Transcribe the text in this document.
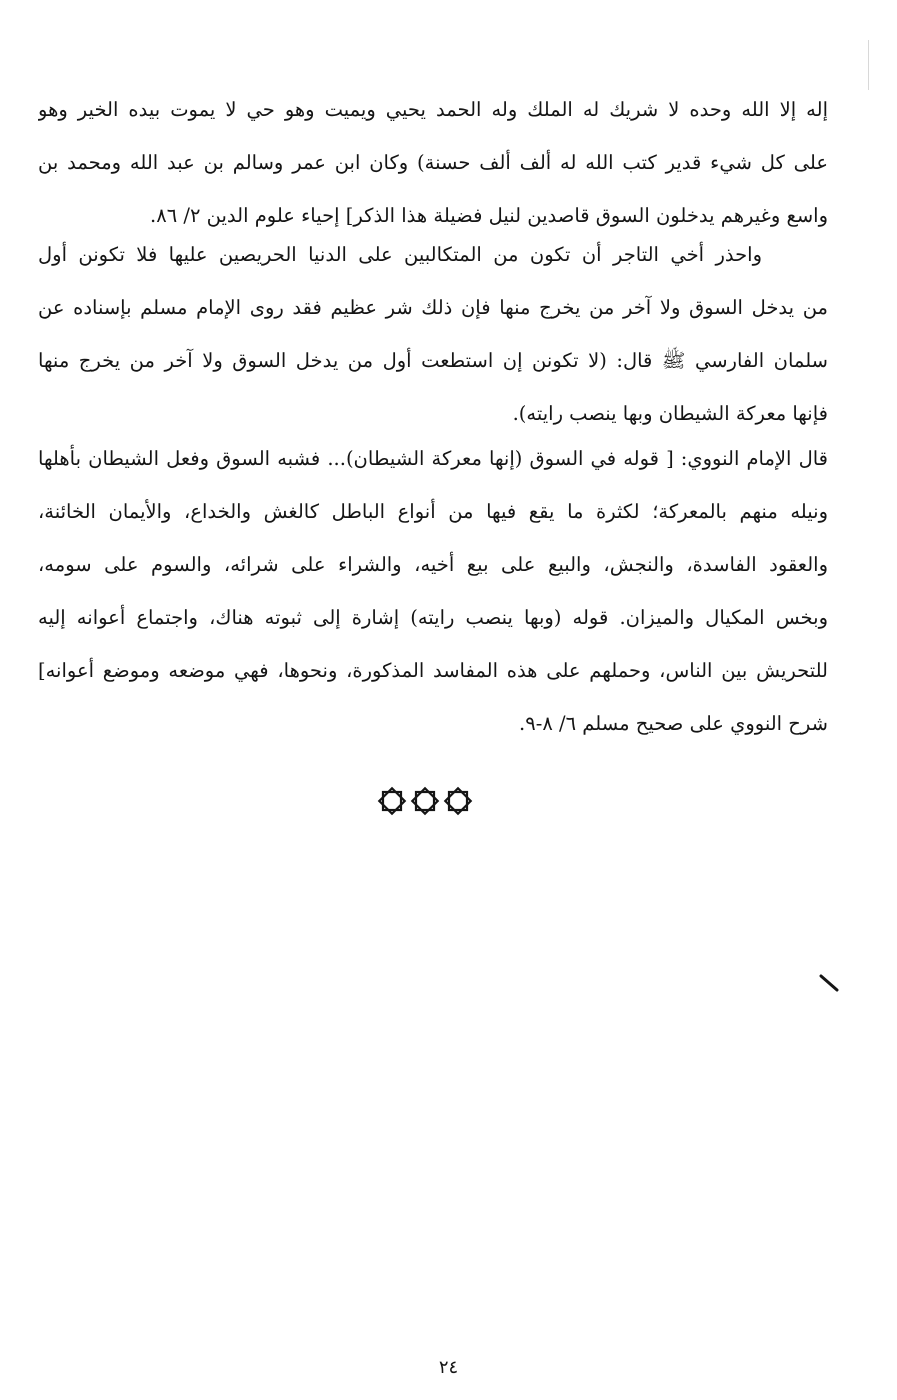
إله إلا الله وحده لا شريك له الملك وله الحمد يحيي ويميت وهو حي لا يموت بيده الخير وهو
على كل شيء قدير كتب الله له ألف ألف حسنة) وكان ابن عمر وسالم بن عبد الله ومحمد بن
واسع وغيرهم يدخلون السوق قاصدين لنيل فضيلة هذا الذكر] إحياء علوم الدين ٢/ ٨٦.
واحذر أخي التاجر أن تكون من المتكالبين على الدنيا الحريصين عليها فلا تكونن أول
من يدخل السوق ولا آخر من يخرج منها فإن ذلك شر عظيم فقد روى الإمام مسلم بإسناده عن
سلمان الفارسي ﷺ قال: (لا تكونن إن استطعت أول من يدخل السوق ولا آخر من يخرج منها
فإنها معركة الشيطان وبها ينصب رايته).
قال الإمام النووي: [ قوله في السوق (إنها معركة الشيطان)... فشبه السوق وفعل الشيطان بأهلها
ونيله منهم بالمعركة؛ لكثرة ما يقع فيها من أنواع الباطل كالغش والخداع، والأيمان الخائنة،
والعقود الفاسدة، والنجش، والبيع على بيع أخيه، والشراء على شرائه، والسوم على سومه،
وبخس المكيال والميزان. قوله (وبها ينصب رايته) إشارة إلى ثبوته هناك، واجتماع أعوانه إليه
للتحريش بين الناس، وحملهم على هذه المفاسد المذكورة، ونحوها، فهي موضعه وموضع أعوانه]
شرح النووي على صحيح مسلم ٦/ ٨-٩.
٢٤
